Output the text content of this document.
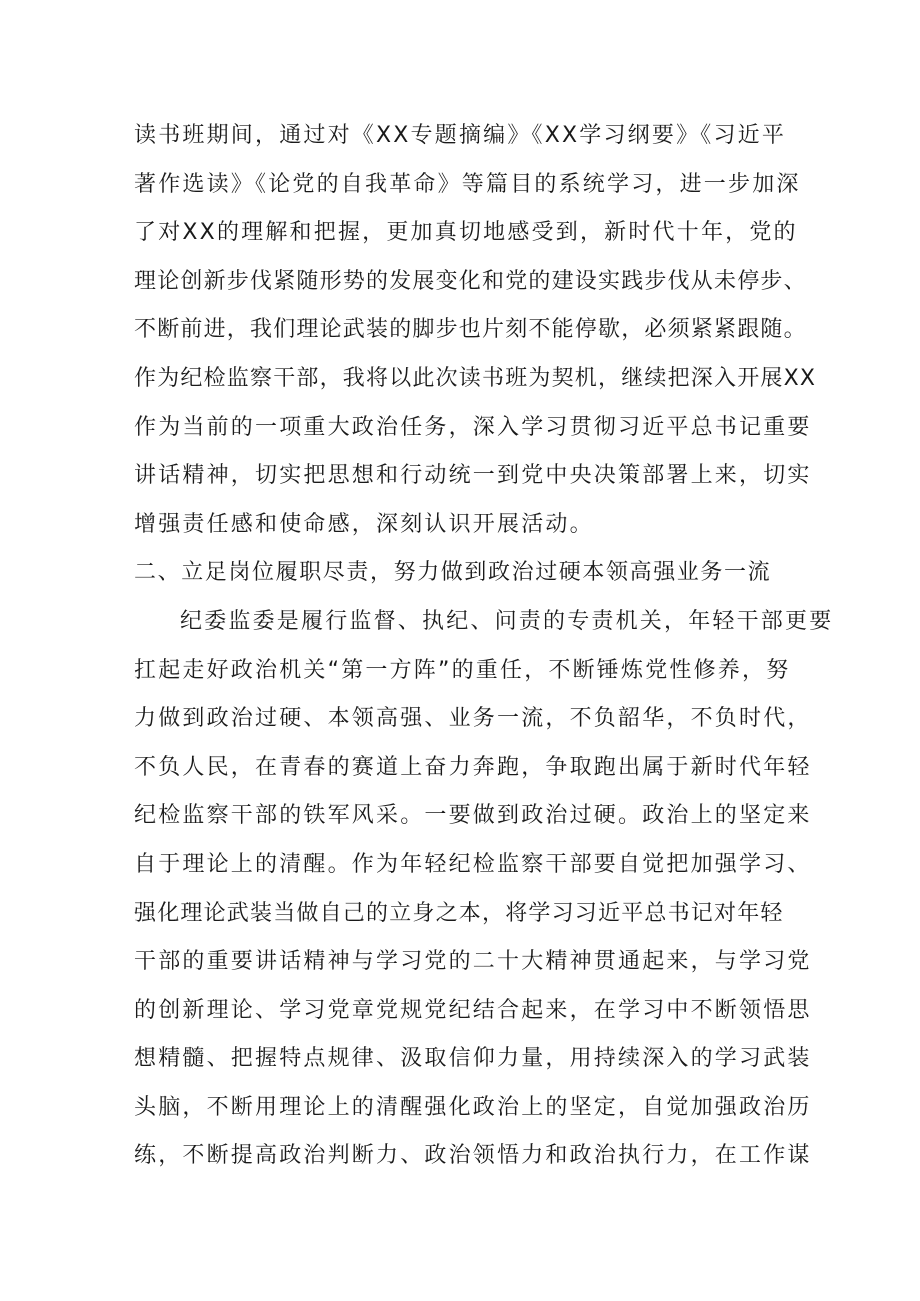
读书班期间，通过对《XX专题摘编》《XX学习纲要》《习近平
著作选读》《论党的自我革命》等篇目的系统学习，进一步加深
了对XX的理解和把握，更加真切地感受到，新时代十年，党的
理论创新步伐紧随形势的发展变化和党的建设实践步伐从未停步、
不断前进，我们理论武装的脚步也片刻不能停歇，必须紧紧跟随。
作为纪检监察干部，我将以此次读书班为契机，继续把深入开展XX
作为当前的一项重大政治任务，深入学习贯彻习近平总书记重要
讲话精神，切实把思想和行动统一到党中央决策部署上来，切实
增强责任感和使命感，深刻认识开展活动。
二、立足岗位履职尽责，努力做到政治过硬本领高强业务一流
纪委监委是履行监督、执纪、问责的专责机关，年轻干部更要
扛起走好政治机关“第一方阵”的重任，不断锤炼党性修养，努
力做到政治过硬、本领高强、业务一流，不负韶华，不负时代，
不负人民，在青春的赛道上奋力奔跑，争取跑出属于新时代年轻
纪检监察干部的铁军风采。一要做到政治过硬。政治上的坚定来
自于理论上的清醒。作为年轻纪检监察干部要自觉把加强学习、
强化理论武装当做自己的立身之本，将学习习近平总书记对年轻
干部的重要讲话精神与学习党的二十大精神贯通起来，与学习党
的创新理论、学习党章党规党纪结合起来，在学习中不断领悟思
想精髓、把握特点规律、汲取信仰力量，用持续深入的学习武装
头脑，不断用理论上的清醒强化政治上的坚定，自觉加强政治历
练，不断提高政治判断力、政治领悟力和政治执行力，在工作谋
